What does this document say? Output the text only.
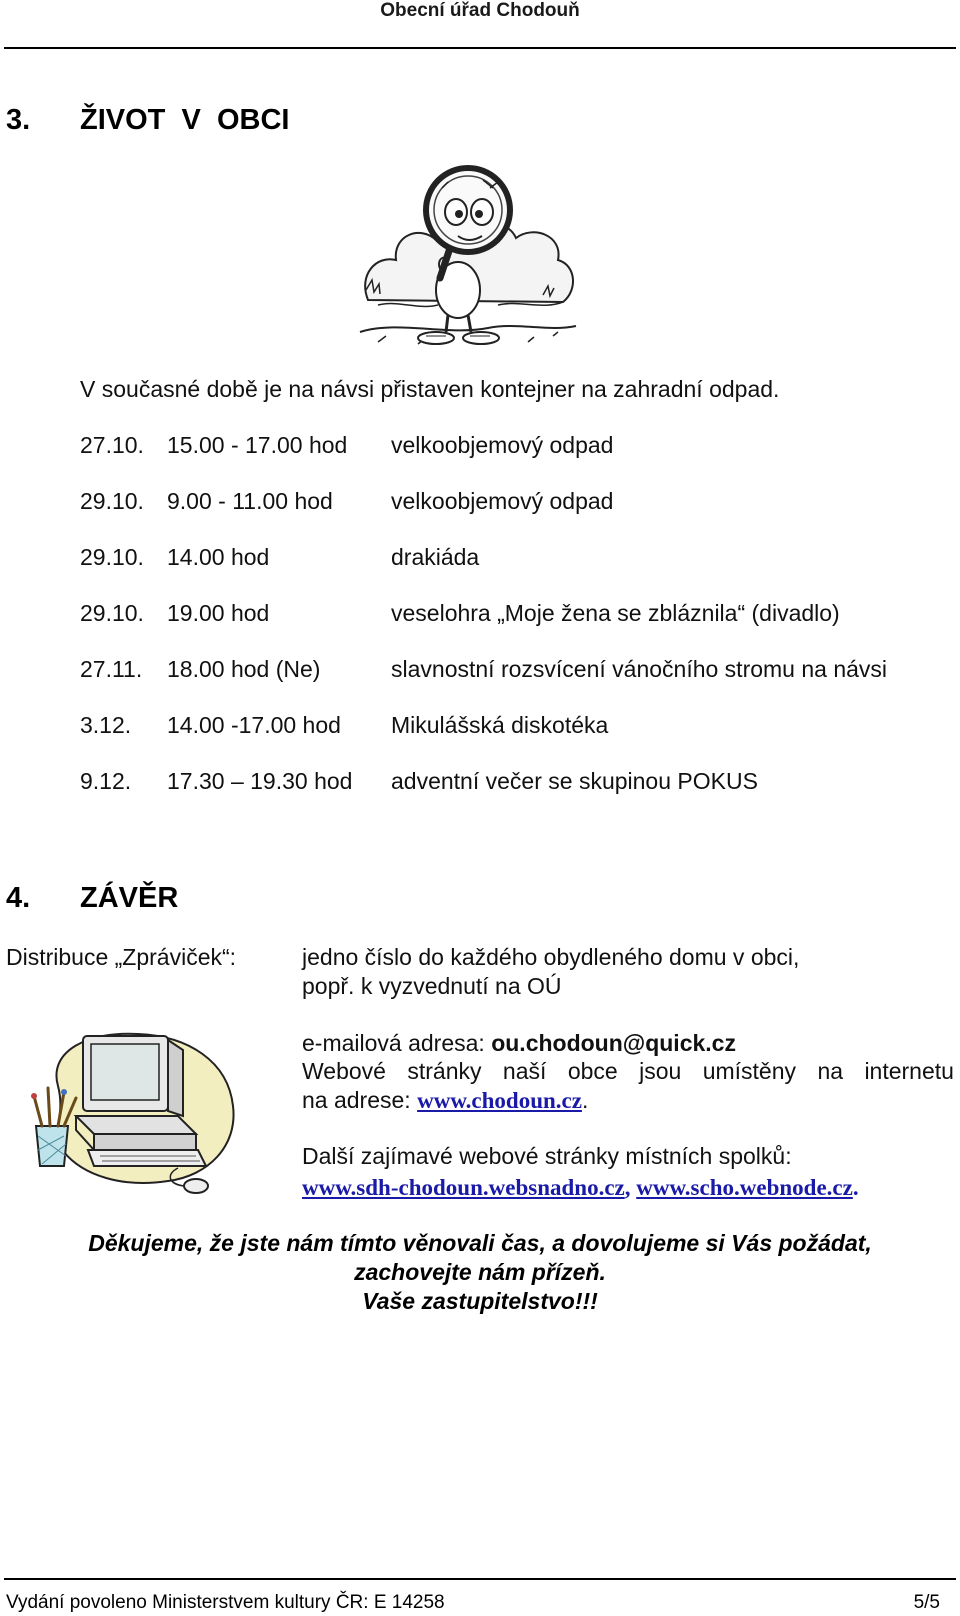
Obecní úřad Chodouň
3. ŽIVOT  V  OBCI
V současné době je na návsi přistaven kontejner na zahradní odpad.
27.10. 15.00 - 17.00 hod velkoobjemový odpad
29.10. 9.00 - 11.00 hod	velkoobjemový odpad
29.10. 14.00 hod	drakiáda
29.10. 19.00 hod	veselohra „Moje žena se zbláznila“ (divadlo)
27.11. 18.00 hod (Ne)	slavnostní rozsvícení vánočního stromu na návsi
3.12. 14.00 -17.00 hod Mikulášská diskotéka
9.12. 17.30 – 19.30 hod adventní večer se skupinou POKUS
4. ZÁVĚR
Distribuce „Zpráviček“:	jedno číslo do každého obydleného domu v obci,
popř. k vyzvednutí na OÚ
e-mailová adresa: ou.chodoun@quick.cz
Webové stránky naší obce jsou umístěny na internetu
na adrese: www.chodoun.cz.
Další zajímavé webové stránky místních spolků:
www.sdh-chodoun.websnadno.cz, www.scho.webnode.cz.
Děkujeme, že jste nám tímto věnovali čas, a dovolujeme si Vás požádat,
zachovejte nám přízeň.
Vaše zastupitelstvo!!!
Vydání povoleno Ministerstvem kultury ČR: E 14258	5/5
